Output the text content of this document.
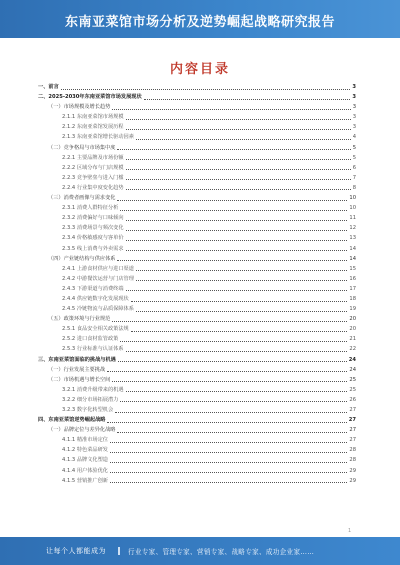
东南亚菜馆市场分析及逆势崛起战略研究报告
内容目录
一、前言	3
二、2025-2030年东南亚菜馆市场发展现状	3
（一）市场规模及增长趋势	3
2.1.1 东南亚菜馆市场规模	3
2.1.2 东南亚菜馆发展历程	3
2.1.3 东南亚菜馆增长驱动因素	4
（二）竞争格局与市场集中度	5
2.2.1 主要品牌及市场份额	5
2.2.2 区域分布与门店规模	6
2.2.3 竞争壁垒与进入门槛	7
2.2.4 行业集中度变化趋势	8
（三）消费者画像与需求变化	10
2.3.1 消费人群特征分析	10
2.3.2 消费偏好与口味倾向	11
2.3.3 消费场景与频次变化	12
2.3.4 价格敏感度与客单价	13
2.3.5 线上消费与外卖需求	14
（四）产业链结构与供应体系	14
2.4.1 上游食材供应与进口渠道	15
2.4.2 中游餐饮运营与门店管理	16
2.4.3 下游渠道与消费终端	17
2.4.4 供应链数字化发展现状	18
2.4.5 冷链物流与品质保障体系	19
（五）政策环境与行业规范	20
2.5.1 食品安全相关政策法规	20
2.5.2 进口食材监管政策	21
2.5.3 行业标准与认证体系	22
三、东南亚菜馆面临的挑战与机遇	24
（一）行业发展主要挑战	24
（二）市场机遇与增长空间	25
3.2.1 消费升级带来的机遇	25
3.2.2 细分市场拓展潜力	26
3.2.3 数字化转型机会	27
四、东南亚菜馆逆势崛起战略	27
（一）品牌定位与差异化战略	27
4.1.1 精准市场定位	27
4.1.2 特色菜品研发	28
4.1.3 品牌文化塑造	28
4.1.4 用户体验优化	29
4.1.5 营销推广创新	29
1
让每个人都能成为	行业专家、管理专家、营销专家、战略专家、成功企业家……
